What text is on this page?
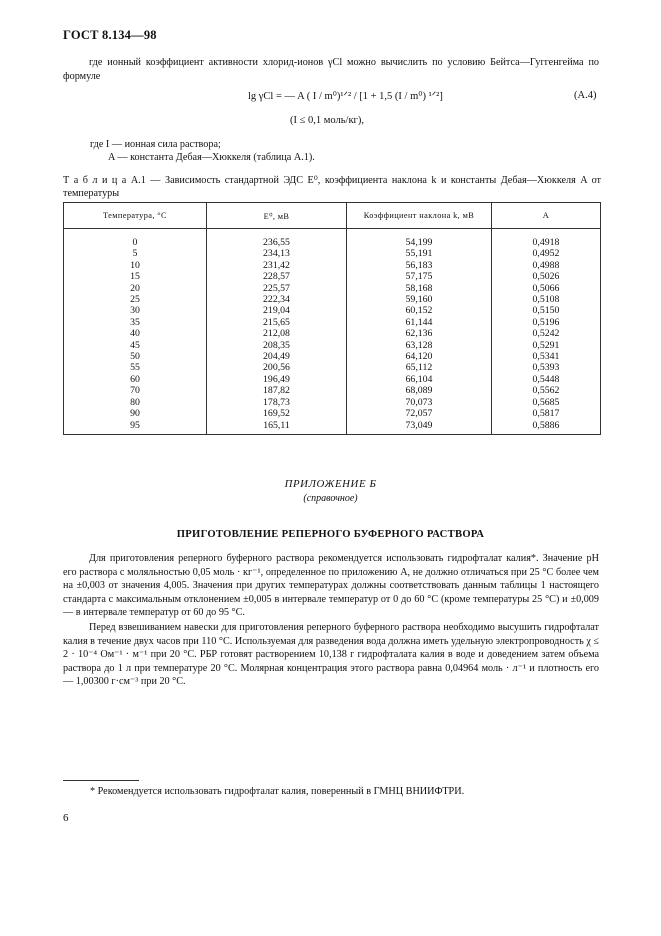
ГОСТ 8.134—98
где ионный коэффициент активности хлорид-ионов γCl можно вычислить по условию Бейтса—Гуггенгейма по формуле
lg γCl = — A ( I / m⁰)¹ᐟ² / [1 + 1,5 (I / m⁰) ¹ᐟ²]	(A.4)
(I ≤ 0,1 моль/кг),
где I — ионная сила раствора;
A — константа Дебая—Хюккеля (таблица A.1).
Т а б л и ц а A.1 — Зависимость стандартной ЭДС E⁰, коэффициента наклона k и константы Дебая—Хюккеля A от температуры
Температура, °С	E⁰, мВ	Коэффициент наклона k, мВ	A
0	236,55	54,199	0,4918
5	234,13	55,191	0,4952
10	231,42	56,183	0,4988
15	228,57	57,175	0,5026
20	225,57	58,168	0,5066
25	222,34	59,160	0,5108
30	219,04	60,152	0,5150
35	215,65	61,144	0,5196
40	212,08	62,136	0,5242
45	208,35	63,128	0,5291
50	204,49	64,120	0,5341
55	200,56	65,112	0,5393
60	196,49	66,104	0,5448
70	187,82	68,089	0,5562
80	178,73	70,073	0,5685
90	169,52	72,057	0,5817
95	165,11	73,049	0,5886
ПРИЛОЖЕНИЕ Б
(справочное)
ПРИГОТОВЛЕНИЕ РЕПЕРНОГО БУФЕРНОГО РАСТВОРА
Для приготовления реперного буферного раствора рекомендуется использовать гидрофталат калия*. Значение pH его раствора с моляльностью 0,05 моль · кг⁻¹, определенное по приложению A, не должно отличаться при 25 °С более чем на ±0,003 от значения 4,005. Значения при других температурах должны соответствовать данным таблицы 1 настоящего стандарта с максимальным отклонением ±0,005 в интервале температур от 0 до 60 °С (кроме температуры 25 °С) и ±0,009 — в интервале температур от 60 до 95 °С.
Перед взвешиванием навески для приготовления реперного буферного раствора необходимо высушить гидрофталат калия в течение двух часов при 110 °С. Используемая для разведения вода должна иметь удельную электропроводность χ ≤ 2 · 10⁻⁴ Ом⁻¹ · м⁻¹ при 20 °С. РБР готовят растворением 10,138 г гидрофталата калия в воде и доведением затем объема раствора до 1 л при температуре 20 °С. Молярная концентрация этого раствора равна 0,04964 моль · л⁻¹ и плотность его — 1,00300 г·см⁻³ при 20 °С.
* Рекомендуется использовать гидрофталат калия, поверенный в ГМНЦ ВНИИФТРИ.
6
